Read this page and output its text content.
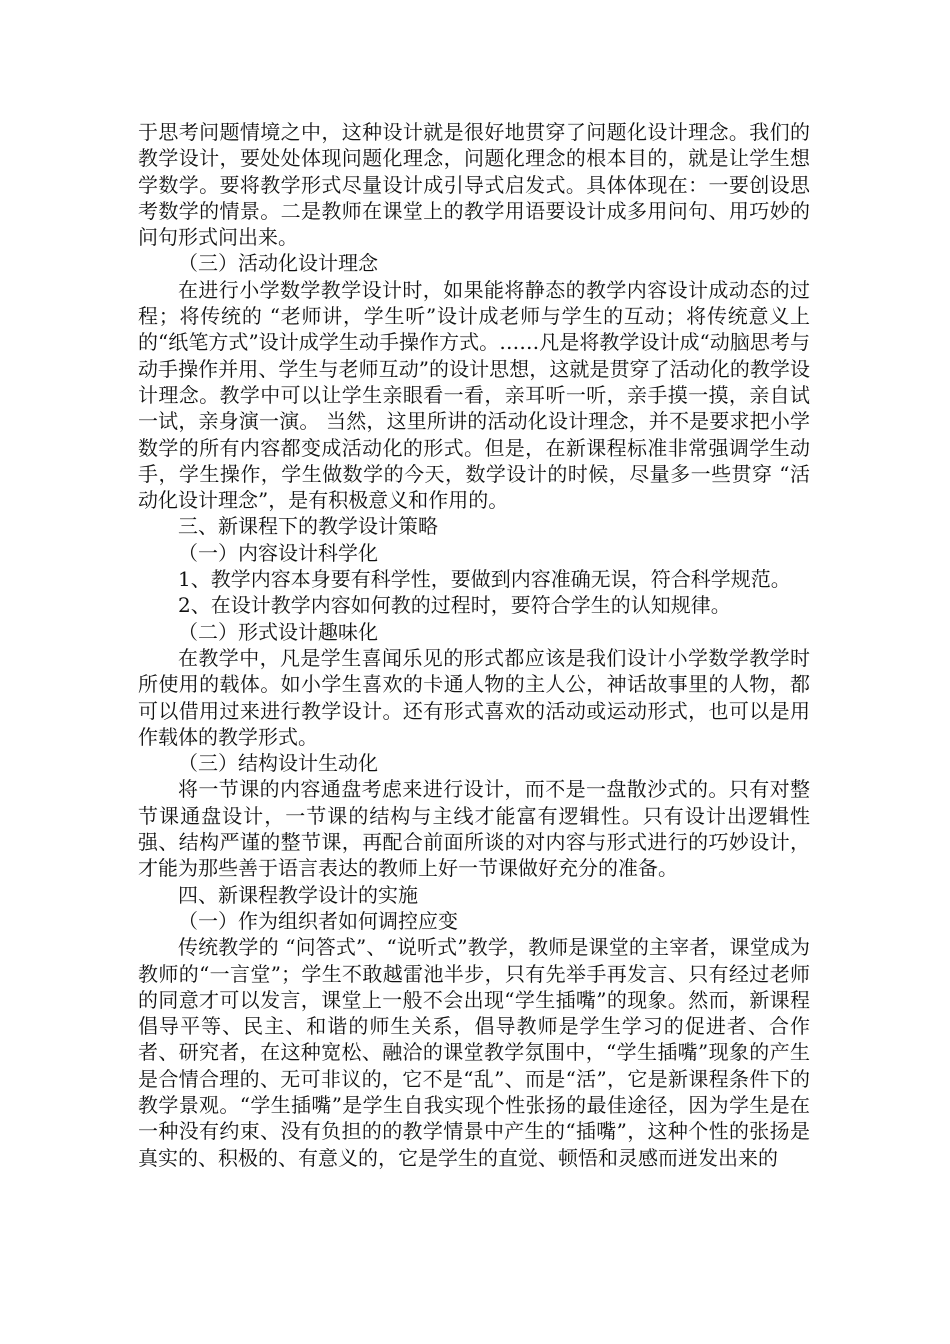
于思考问题情境之中，这种设计就是很好地贯穿了问题化设计理念。我们的教学设计，要处处体现问题化理念，问题化理念的根本目的，就是让学生想学数学。要将教学形式尽量设计成引导式启发式。具体体现在：一要创设思考数学的情景。二是教师在课堂上的教学用语要设计成多用问句、用巧妙的问句形式问出来。

（三）活动化设计理念

在进行小学数学教学设计时，如果能将静态的教学内容设计成动态的过程；将传统的 “老师讲，学生听”设计成老师与学生的互动；将传统意义上的“纸笔方式”设计成学生动手操作方式。……凡是将教学设计成“动脑思考与动手操作并用、学生与老师互动”的设计思想，这就是贯穿了活动化的教学设计理念。教学中可以让学生亲眼看一看，亲耳听一听，亲手摸一摸，亲自试一试，亲身演一演。 当然，这里所讲的活动化设计理念，并不是要求把小学数学的所有内容都变成活动化的形式。但是，在新课程标准非常强调学生动手，学生操作，学生做数学的今天，数学设计的时候，尽量多一些贯穿 “活动化设计理念”，是有积极意义和作用的。

三、新课程下的教学设计策略

（一）内容设计科学化

1、教学内容本身要有科学性，要做到内容准确无误，符合科学规范。

2、在设计教学内容如何教的过程时，要符合学生的认知规律。

（二）形式设计趣味化

在教学中，凡是学生喜闻乐见的形式都应该是我们设计小学数学教学时所使用的载体。如小学生喜欢的卡通人物的主人公，神话故事里的人物，都可以借用过来进行教学设计。还有形式喜欢的活动或运动形式，也可以是用作载体的教学形式。

（三）结构设计生动化

将一节课的内容通盘考虑来进行设计，而不是一盘散沙式的。只有对整节课通盘设计，一节课的结构与主线才能富有逻辑性。只有设计出逻辑性强、结构严谨的整节课，再配合前面所谈的对内容与形式进行的巧妙设计，才能为那些善于语言表达的教师上好一节课做好充分的准备。

四、新课程教学设计的实施

（一）作为组织者如何调控应变

传统教学的 “问答式”、“说听式”教学，教师是课堂的主宰者，课堂成为教师的“一言堂”；学生不敢越雷池半步，只有先举手再发言、只有经过老师的同意才可以发言，课堂上一般不会出现“学生插嘴”的现象。然而，新课程倡导平等、民主、和谐的师生关系，倡导教师是学生学习的促进者、合作者、研究者，在这种宽松、融洽的课堂教学氛围中，“学生插嘴”现象的产生是合情合理的、无可非议的，它不是“乱”、而是“活”，它是新课程条件下的教学景观。“学生插嘴”是学生自我实现个性张扬的最佳途径，因为学生是在一种没有约束、没有负担的的教学情景中产生的“插嘴”，这种个性的张扬是真实的、积极的、有意义的，它是学生的直觉、顿悟和灵感而迸发出来的
